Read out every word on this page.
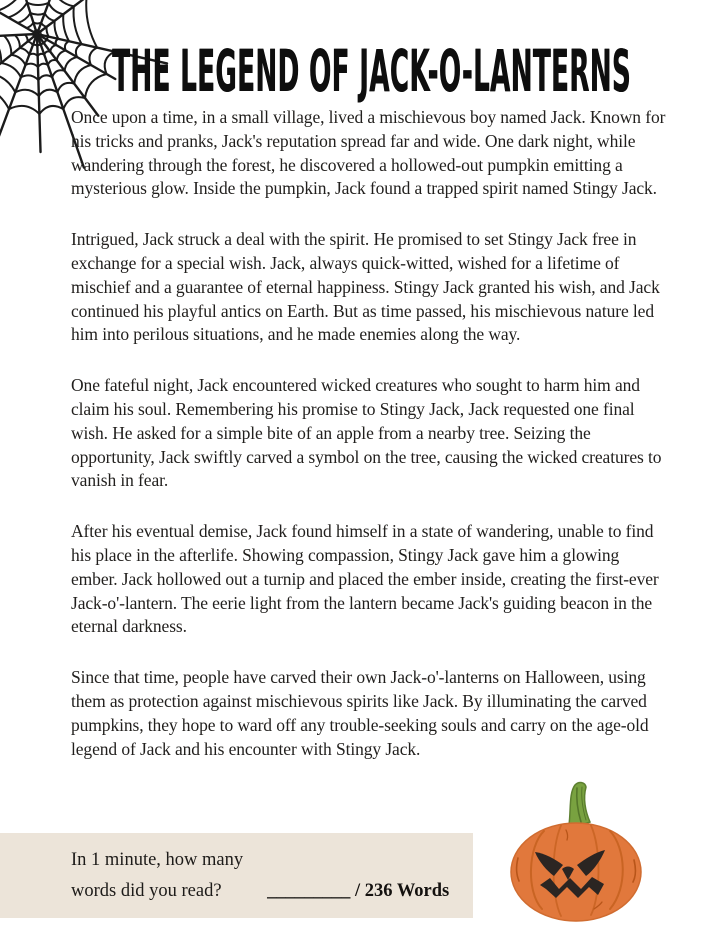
THE LEGEND OF JACK-O-LANTERNS

Once upon a time, in a small village, lived a mischievous boy named Jack. Known for his tricks and pranks, Jack's reputation spread far and wide. One dark night, while wandering through the forest, he discovered a hollowed-out pumpkin emitting a mysterious glow. Inside the pumpkin, Jack found a trapped spirit named Stingy Jack.

Intrigued, Jack struck a deal with the spirit. He promised to set Stingy Jack free in exchange for a special wish. Jack, always quick-witted, wished for a lifetime of mischief and a guarantee of eternal happiness. Stingy Jack granted his wish, and Jack continued his playful antics on Earth. But as time passed, his mischievous nature led him into perilous situations, and he made enemies along the way.

One fateful night, Jack encountered wicked creatures who sought to harm him and claim his soul. Remembering his promise to Stingy Jack, Jack requested one final wish. He asked for a simple bite of an apple from a nearby tree. Seizing the opportunity, Jack swiftly carved a symbol on the tree, causing the wicked creatures to vanish in fear.

After his eventual demise, Jack found himself in a state of wandering, unable to find his place in the afterlife. Showing compassion, Stingy Jack gave him a glowing ember. Jack hollowed out a turnip and placed the ember inside, creating the first-ever Jack-o'-lantern. The eerie light from the lantern became Jack's guiding beacon in the eternal darkness.

Since that time, people have carved their own Jack-o'-lanterns on Halloween, using them as protection against mischievous spirits like Jack. By illuminating the carved pumpkins, they hope to ward off any trouble-seeking souls and carry on the age-old legend of Jack and his encounter with Stingy Jack.

In 1 minute, how many
words did you read?	_________ / 236 Words
